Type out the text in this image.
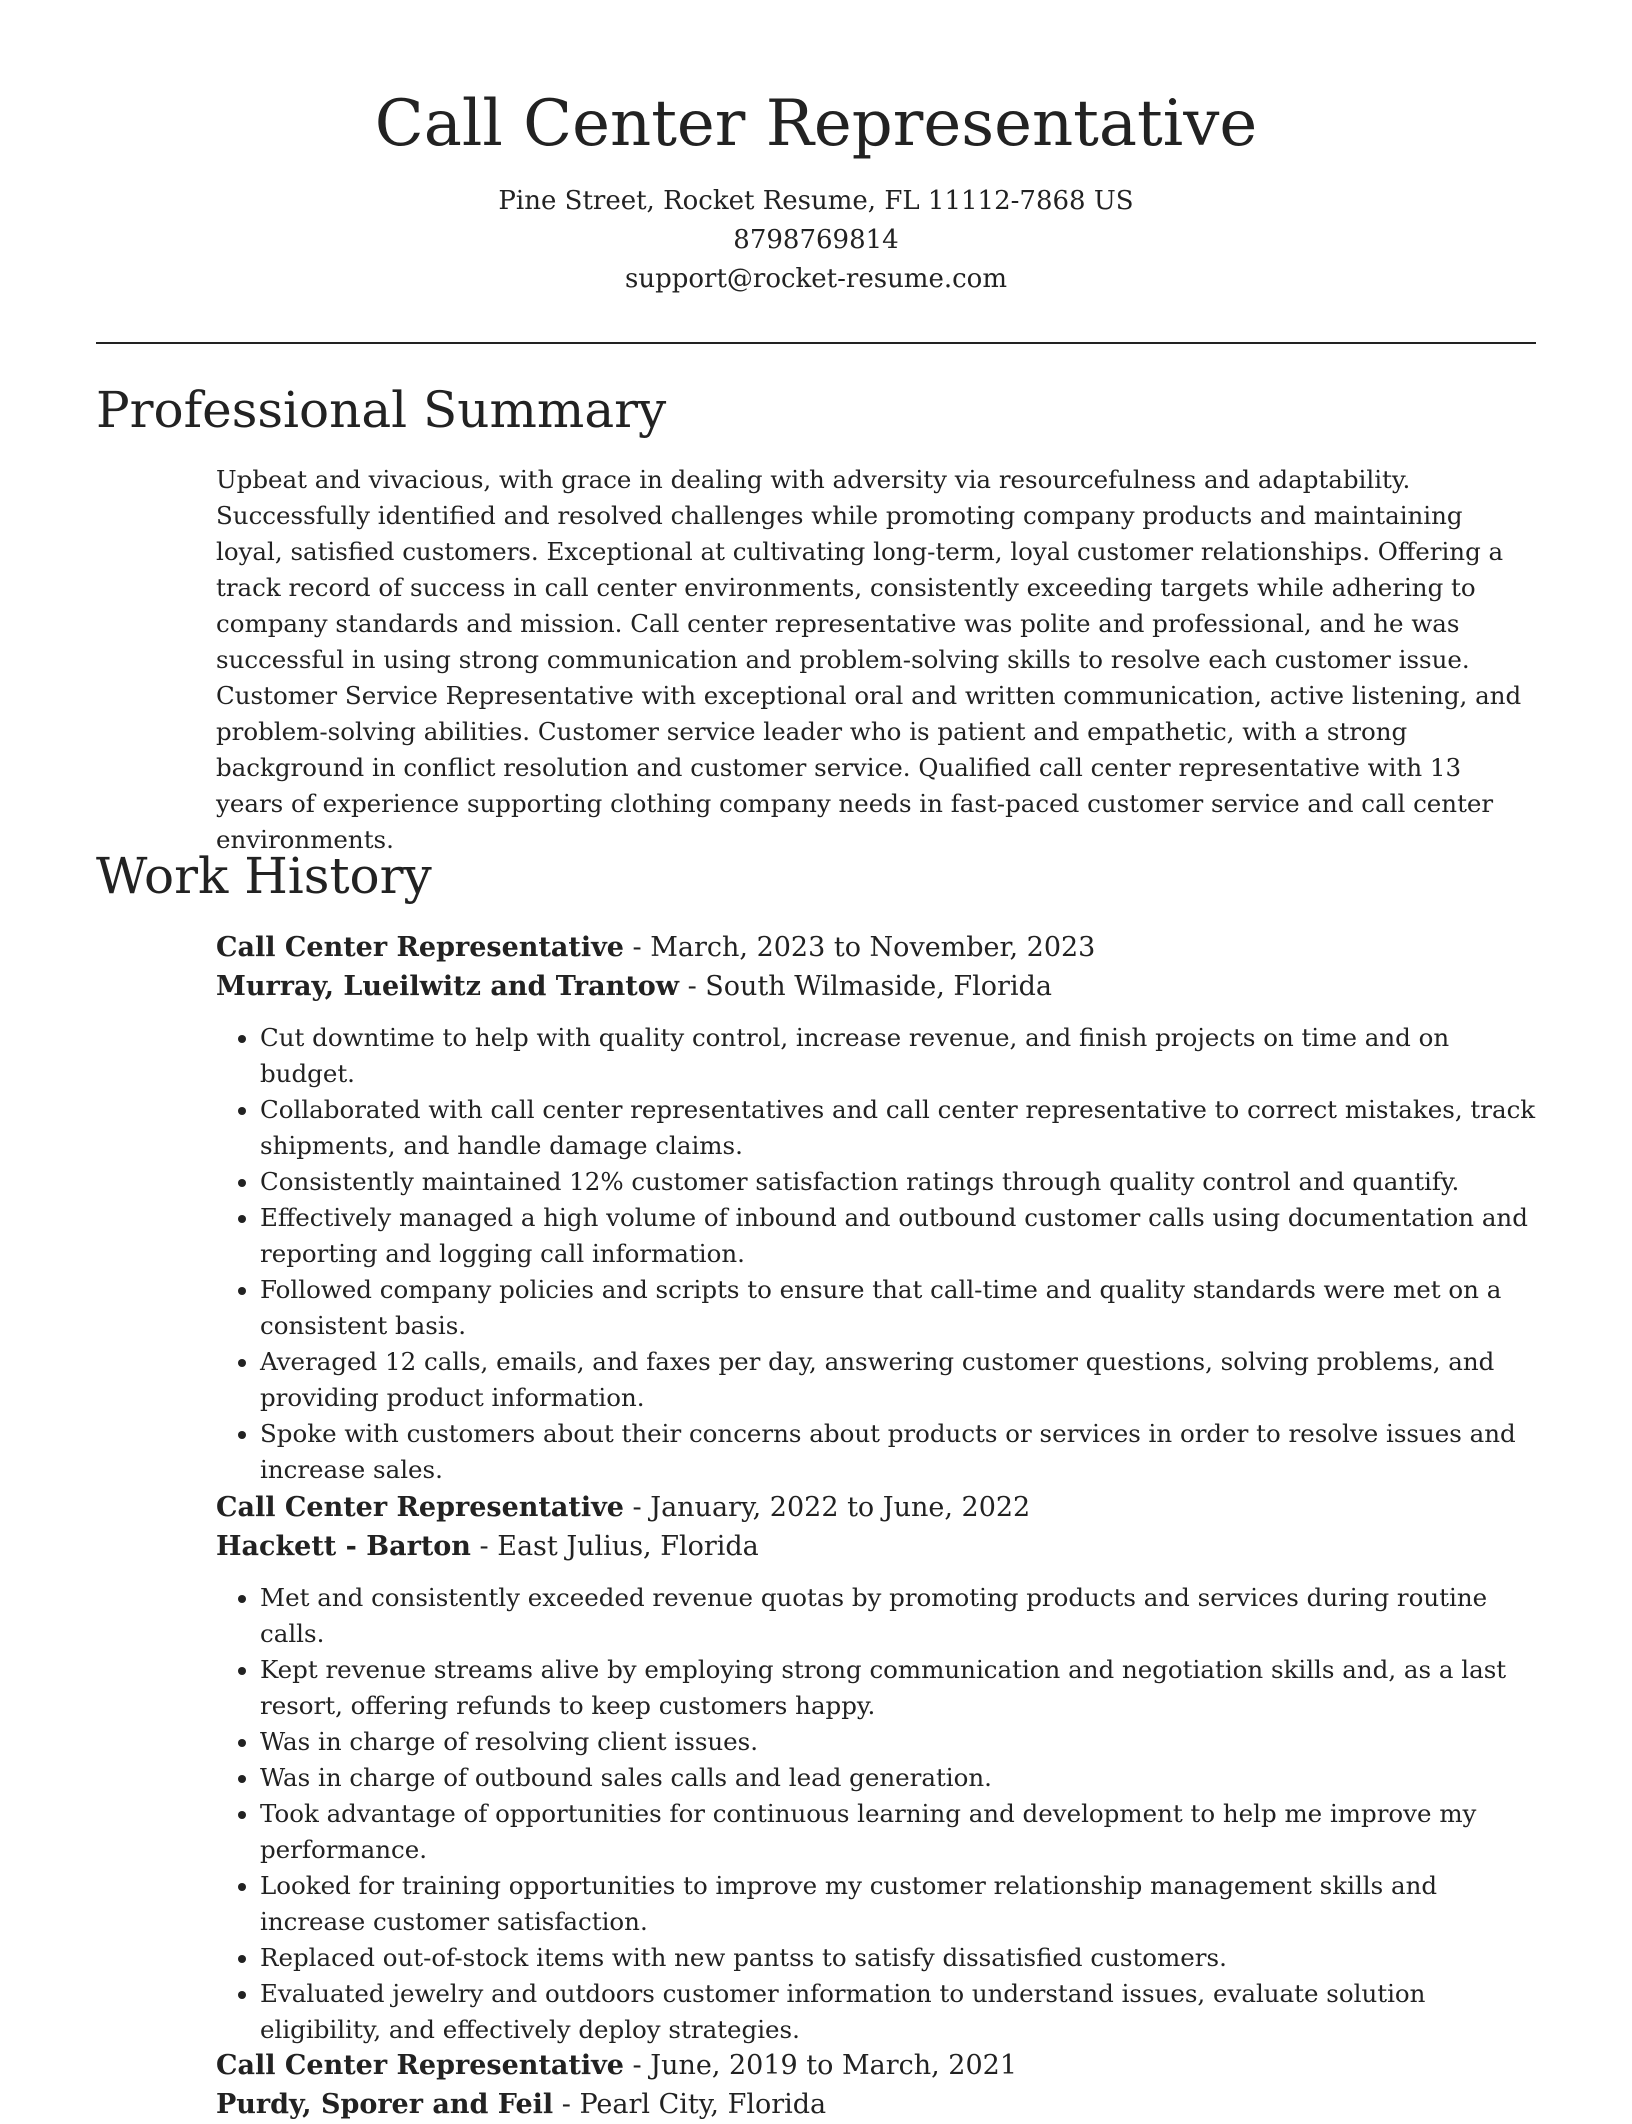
Call Center Representative
Pine Street, Rocket Resume, FL 11112-7868 US
8798769814
support@rocket-resume.com
Professional Summary

Upbeat and vivacious, with grace in dealing with adversity via resourcefulness and adaptability. Successfully identified and resolved challenges while promoting company products and maintaining loyal, satisfied customers. Exceptional at cultivating long-term, loyal customer relationships. Offering a track record of success in call center environments, consistently exceeding targets while adhering to company standards and mission. Call center representative was polite and professional, and he was successful in using strong communication and problem-solving skills to resolve each customer issue. Customer Service Representative with exceptional oral and written communication, active listening, and problem-solving abilities. Customer service leader who is patient and empathetic, with a strong background in conflict resolution and customer service. Qualified call center representative with 13 years of experience supporting clothing company needs in fast-paced customer service and call center environments.

Work History
Call Center Representative - March, 2023 to November, 2023
Murray, Lueilwitz and Trantow - South Wilmaside, Florida
• Cut downtime to help with quality control, increase revenue, and finish projects on time and on budget.
• Collaborated with call center representatives and call center representative to correct mistakes, track shipments, and handle damage claims.
• Consistently maintained 12% customer satisfaction ratings through quality control and quantify.
• Effectively managed a high volume of inbound and outbound customer calls using documentation and reporting and logging call information.
• Followed company policies and scripts to ensure that call-time and quality standards were met on a consistent basis.
• Averaged 12 calls, emails, and faxes per day, answering customer questions, solving problems, and providing product information.
• Spoke with customers about their concerns about products or services in order to resolve issues and increase sales.
Call Center Representative - January, 2022 to June, 2022
Hackett - Barton - East Julius, Florida
• Met and consistently exceeded revenue quotas by promoting products and services during routine calls.
• Kept revenue streams alive by employing strong communication and negotiation skills and, as a last resort, offering refunds to keep customers happy.
• Was in charge of resolving client issues.
• Was in charge of outbound sales calls and lead generation.
• Took advantage of opportunities for continuous learning and development to help me improve my performance.
• Looked for training opportunities to improve my customer relationship management skills and increase customer satisfaction.
• Replaced out-of-stock items with new pantss to satisfy dissatisfied customers.
• Evaluated jewelry and outdoors customer information to understand issues, evaluate solution eligibility, and effectively deploy strategies.
Call Center Representative - June, 2019 to March, 2021
Purdy, Sporer and Feil - Pearl City, Florida
